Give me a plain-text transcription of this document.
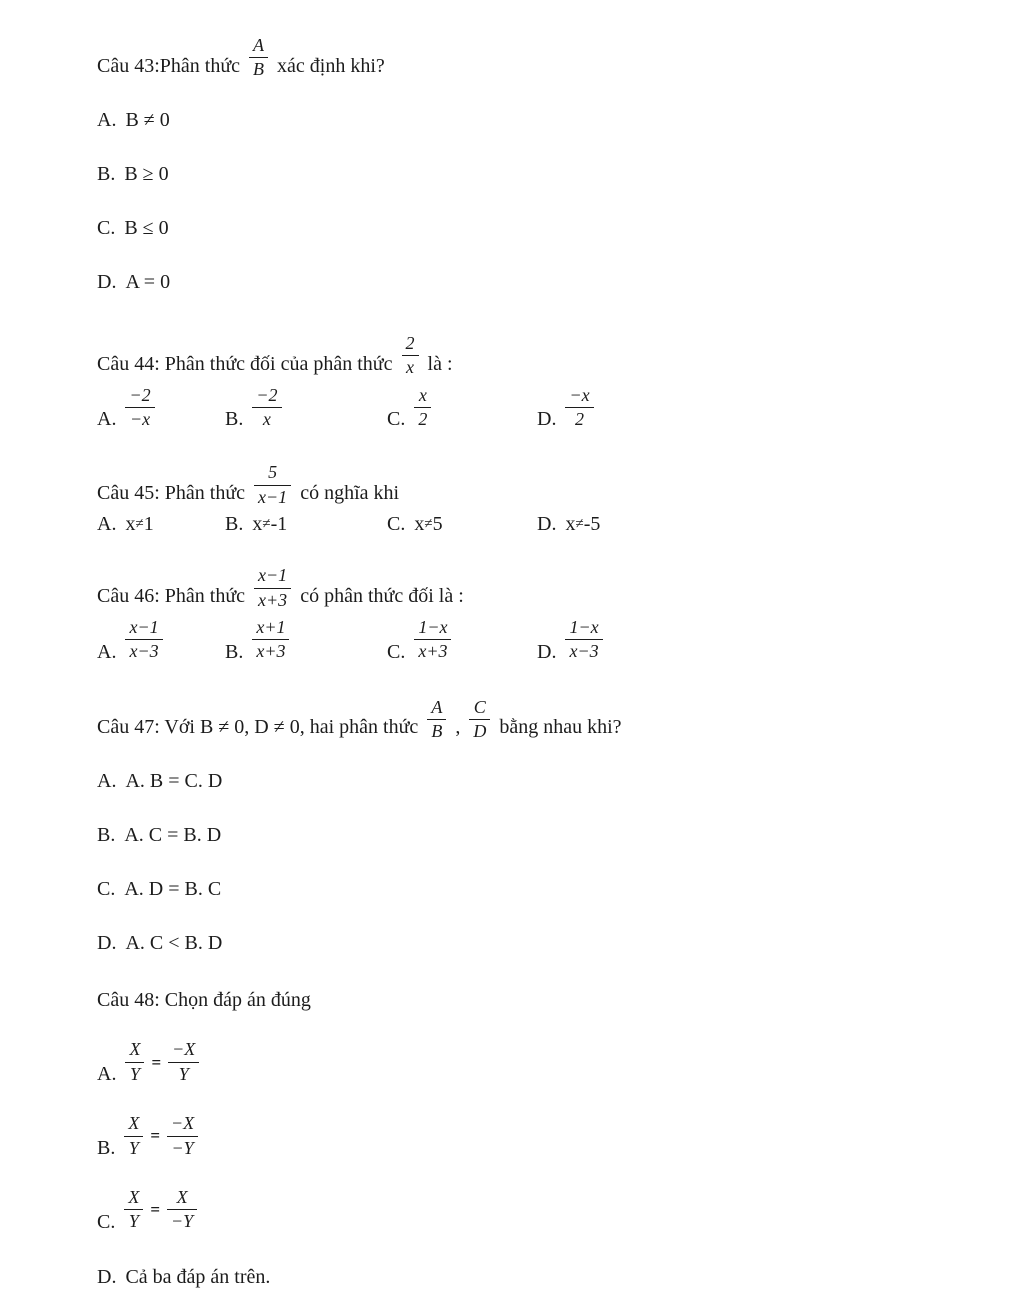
Câu 43:Phân thức $\frac{A}{B}$ xác định khi?
A. B ≠ 0
B. B ≥ 0
C. B ≤ 0
D. A = 0
Câu 44: Phân thức đối của phân thức $\frac{2}{x}$ là :
A. $\frac{-2}{-x}$	B. $\frac{-2}{x}$	C. $\frac{x}{2}$	D. $\frac{-x}{2}$
Câu 45: Phân thức $\frac{5}{x-1}$ có nghĩa khi
A. x ≠ 1	B. x ≠ -1	C. x ≠ 5	D. x ≠ -5
Câu 46: Phân thức $\frac{x-1}{x+3}$ có phân thức đối là :
A. $\frac{x-1}{x-3}$	B. $\frac{x+1}{x+3}$	C. $\frac{1-x}{x+3}$	D. $\frac{1-x}{x-3}$
Câu 47: Với B ≠ 0, D ≠ 0, hai phân thức $\frac{A}{B}$ , $\frac{C}{D}$ bằng nhau khi?
A. A. B = C. D
B. A. C = B. D
C. A. D = B. C
D. A. C < B. D
Câu 48: Chọn đáp án đúng
A. $\frac{X}{Y} = \frac{-X}{Y}$
B. $\frac{X}{Y} = \frac{-X}{-Y}$
C. $\frac{X}{Y} = \frac{X}{-Y}$
D. Cả ba đáp án trên.
